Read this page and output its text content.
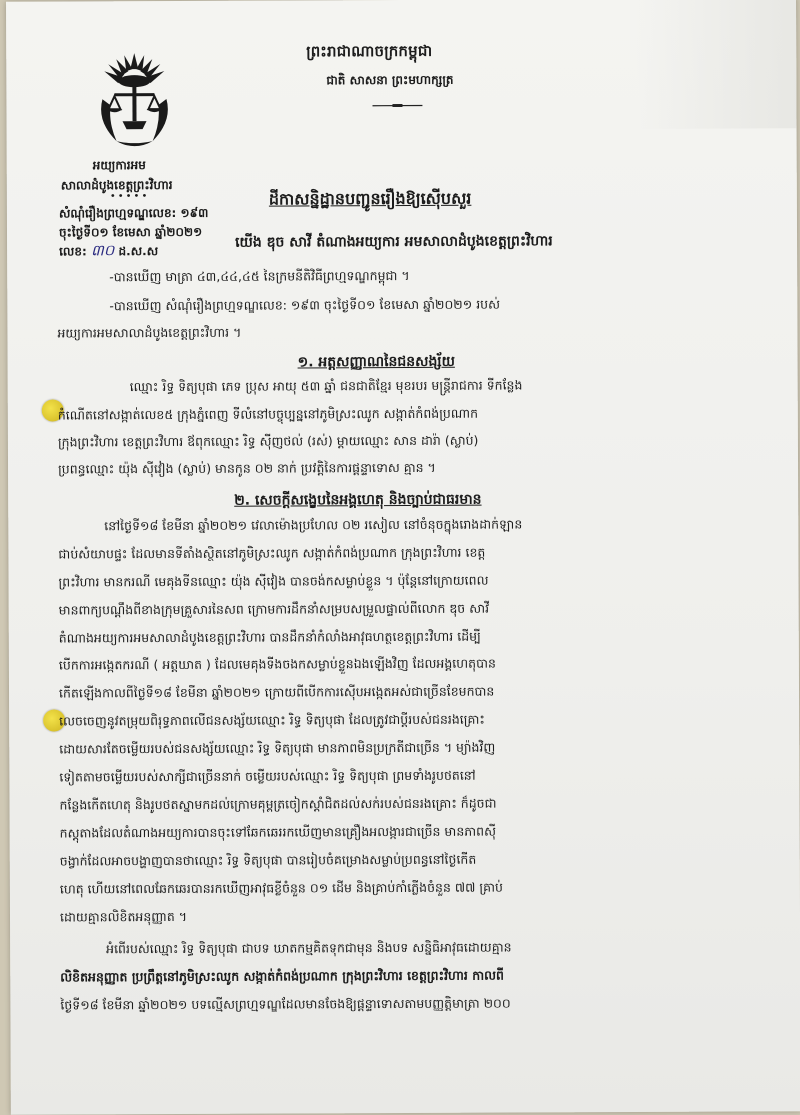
ព្រះរាជាណាចក្រកម្ពុជា
ជាតិ សាសនា ព្រះមហាក្សត្រ
អយ្យការអម
សាលាដំបូងខេត្តព្រះវិហារ
•••••
សំណុំរឿងព្រហ្មទណ្ឌលេខ: ១៩៣
ចុះថ្ងៃទី០១ ខែមេសា ឆ្នាំ២០២១
លេខ: ៣០ ដ.ស.ស
ដីកាសន្និដ្ឋានបញ្ជូនរឿងឱ្យស៊ើបសួរ
យើង ឌុច សាវី តំណាងអយ្យការ អមសាលាដំបូងខេត្តព្រះវិហារ
-បានឃើញ មាត្រា ៤៣,៤៤,៤៥ នៃក្រមនីតិវិធីព្រហ្មទណ្ឌកម្ពុជា ។
-បានឃើញ សំណុំរឿងព្រហ្មទណ្ឌលេខ: ១៩៣ ចុះថ្ងៃទី០១ ខែមេសា ឆ្នាំ២០២១ របស់
អយ្យការអមសាលាដំបូងខេត្តព្រះវិហារ ។
១. អត្តសញ្ញាណនៃជនសង្ស័យ
ឈ្មោះ រិទ្ធ ទិត្យបុផា ភេទ ប្រុស អាយុ ៥៣ ឆ្នាំ ជនជាតិខ្មែរ មុខរបរ មន្ត្រីរាជការ ទីកន្លែង
កំណើតនៅសង្កាត់លេខ៥ ក្រុងភ្នំពេញ ទីលំនៅបច្ចុប្បន្ននៅភូមិស្រះឈូក សង្កាត់កំពង់ប្រណាក
ក្រុងព្រះវិហារ ខេត្តព្រះវិហារ ឪពុកឈ្មោះ រិទ្ធ ស៊ីញថល់ (រស់) ម្តាយឈ្មោះ សាន ដារ៉ា (ស្លាប់)
ប្រពន្ធឈ្មោះ យ៉ុង ស៊ីវៀង (ស្លាប់) មានកូន ០២ នាក់ ប្រវត្តិនៃការផ្តន្ទាទោស គ្មាន ។
២. សេចក្តីសង្ខេបនៃអង្គហេតុ និងច្បាប់ជាធរមាន
នៅថ្ងៃទី១៨ ខែមីនា ឆ្នាំ២០២១ វេលាម៉ោងប្រហែល ០២ រសៀល នៅចំនុចក្នុងរោងដាក់ឡាន
ជាប់សំយាបផ្ទះ ដែលមានទីតាំងស្ថិតនៅភូមិស្រះឈូក សង្កាត់កំពង់ប្រណាក ក្រុងព្រះវិហារ ខេត្ត
ព្រះវិហារ មានករណី មេគុងទីនឈ្មោះ យ៉ុង ស៊ីវៀង បានចង់កសម្លាប់ខ្លួន ។ ប៉ុន្តែនៅក្រោយពេល
មានពាក្យបណ្តឹងពីខាងក្រុមគ្រួសារនៃសព ក្រោមការដឹកនាំសម្របសម្រួលផ្ទាល់ពីលោក ឌុច សាវី
តំណាងអយ្យការអមសាលាដំបូងខេត្តព្រះវិហារ បានដឹកនាំកំលាំងអាវុធហត្ថខេត្តព្រះវិហារ ដើម្បី
បើកការអង្កេតករណី ( អត្តឃាត ) ដែលមេគុងទីងចងកសម្លាប់ខ្លួនឯងឡើងវិញ ដែលអង្គហេតុបាន
កើតឡើងកាលពីថ្ងៃទី១៨ ខែមីនា ឆ្នាំ២០២១ ក្រោយពីបើកការស៊ើបអង្កេតអស់ជាច្រើនខែមកបាន
លេចចេញនូវតម្រុយពិរុទ្ធភាពលើជនសង្ស័យឈ្មោះ រិទ្ធ ទិត្យបុផា ដែលត្រូវជាប្តីរបស់ជនរងគ្រោះ
ដោយសារតែចម្លើយរបស់ជនសង្ស័យឈ្មោះ រិទ្ធ ទិត្យបុផា មានភាពមិនប្រក្រតីជាច្រើន ។ ម្យ៉ាងវិញ
ទៀតតាមចម្លើយរបស់សាក្សីជាច្រើននាក់ ចម្លើយរបស់ឈ្មោះ រិទ្ធ ទិត្យបុផា ព្រមទាំងរូបថតនៅ
កន្លែងកើតហេតុ និងរូបថតស្នាមកដល់ក្រោមគុម្ពត្រចៀកស្តាំជិតដល់សក់របស់ជនរងគ្រោះ ក៏ដូចជា
កស្តុតាងដែលតំណាងអយ្យការបានចុះទៅឆែកឆេររកឃើញមានគ្រឿងអលង្ការជាច្រើន មានភាពស៊ី
ចង្វាក់ដែលអាចបង្ហាញបានថាឈ្មោះ រិទ្ធ ទិត្យបុផា បានរៀបចំគម្រោងសម្លាប់ប្រពន្ធនៅថ្ងៃកើត
ហេតុ ហើយនៅពេលឆែកឆេរបានរកឃើញអាវុធខ្លីចំនួន ០១ ដើម និងគ្រាប់កាំភ្លើងចំនួន ៧៧ គ្រាប់
ដោយគ្មានលិខិតអនុញ្ញាត ។
អំពើរបស់ឈ្មោះ រិទ្ធ ទិត្យបុផា ជាបទ ឃាតកម្មគិតទុកជាមុន និងបទ សន្និធិអាវុធដោយគ្មាន
លិខិតអនុញ្ញាត ប្រព្រឹត្តនៅភូមិស្រះឈូក សង្កាត់កំពង់ប្រណាក ក្រុងព្រះវិហារ ខេត្តព្រះវិហារ កាលពី
ថ្ងៃទី១៨ ខែមីនា ឆ្នាំ២០២១ បទល្មើសព្រហ្មទណ្ឌដែលមានចែងឱ្យផ្តន្ទាទោសតាមបញ្ញត្តិមាត្រា ២០០
